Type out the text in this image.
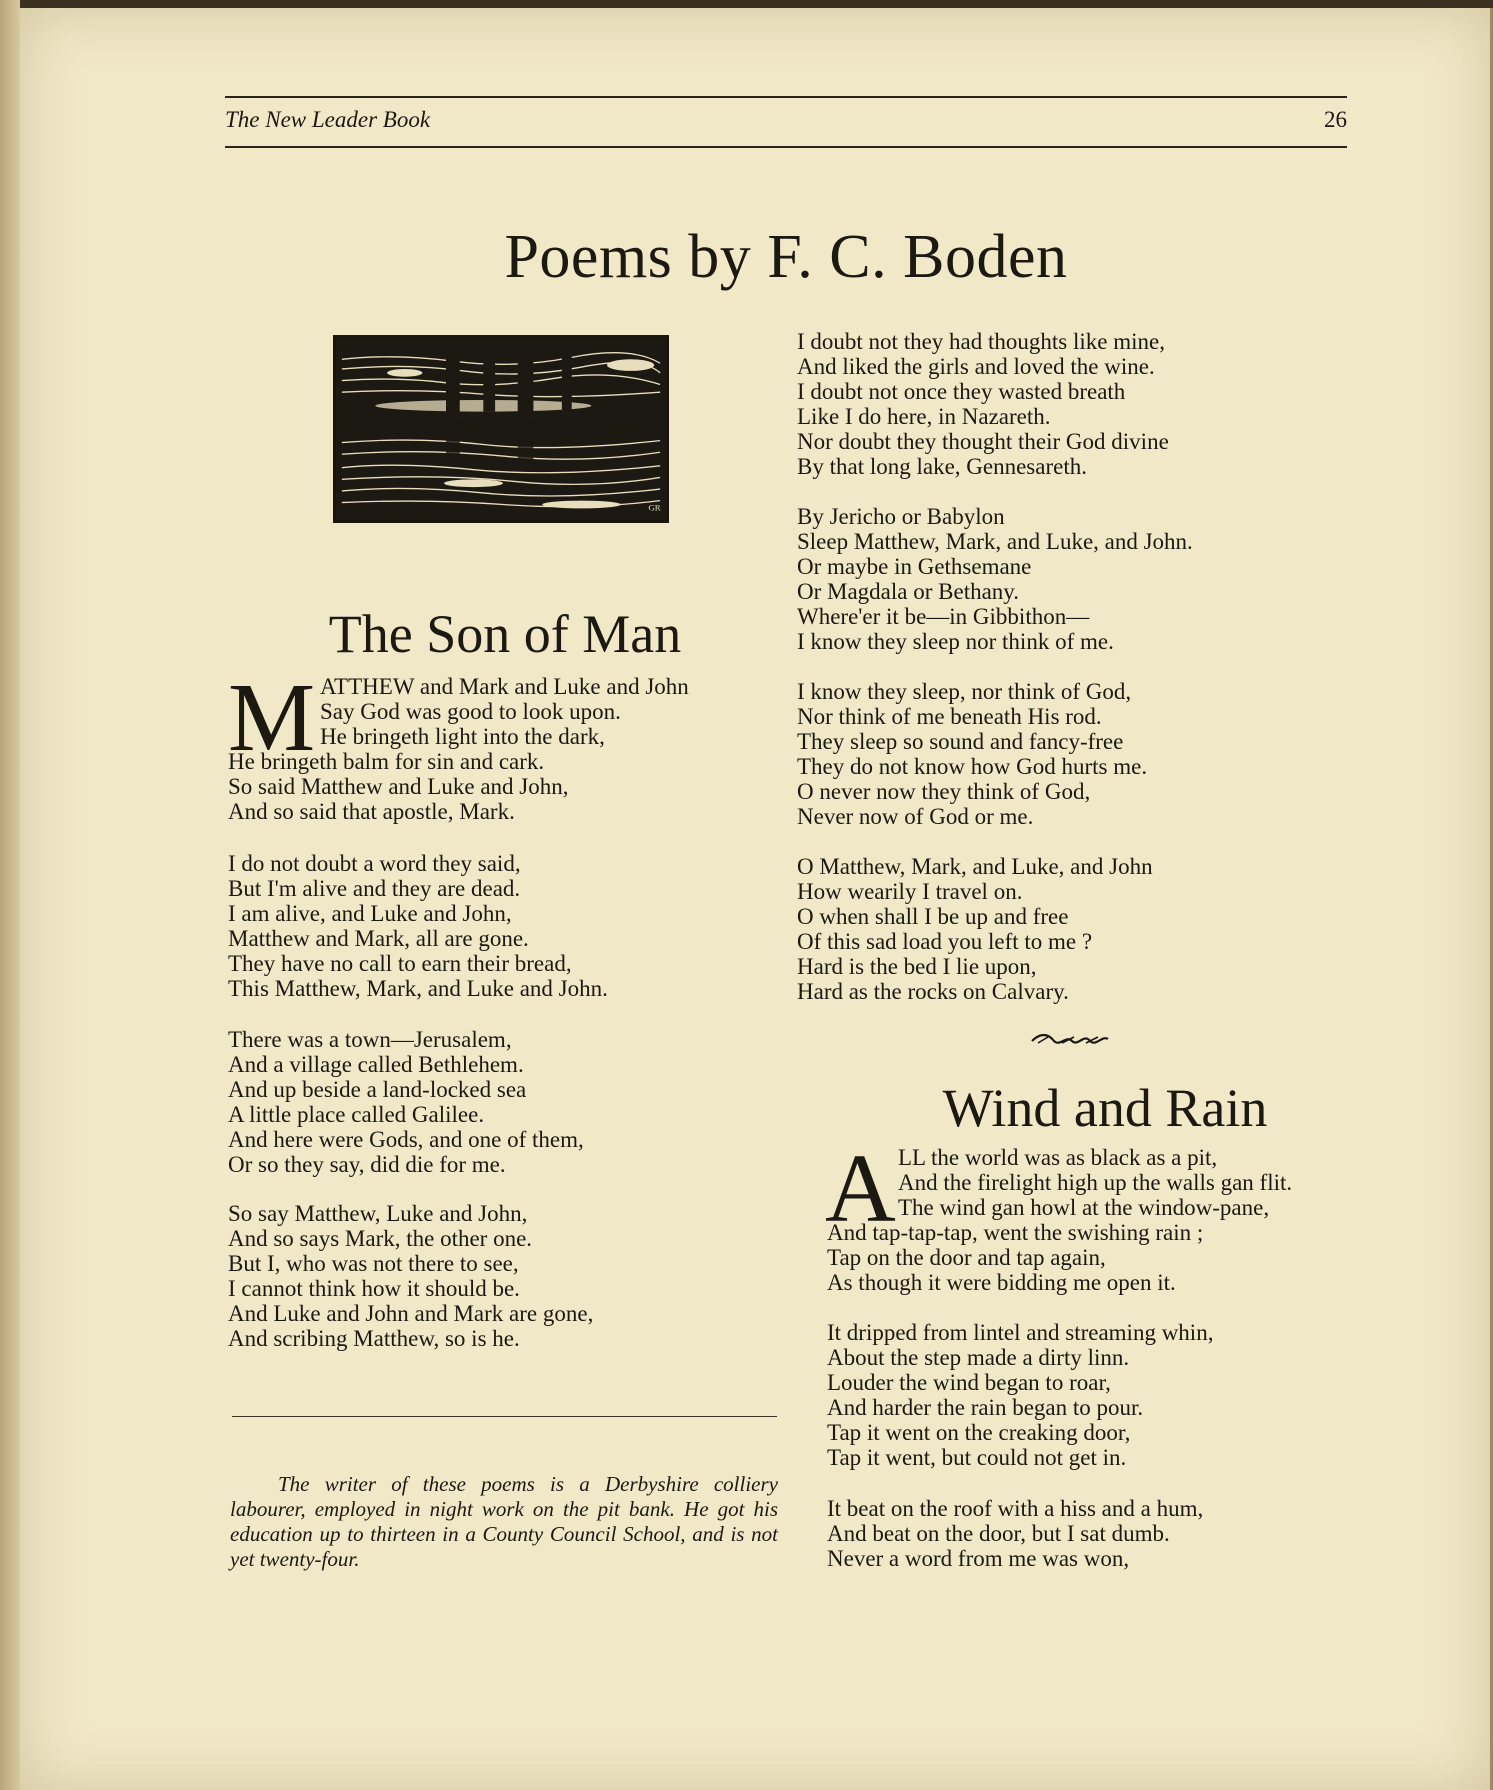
The New Leader Book	26
Poems by F. C. Boden
GR
The Son of Man
M ATTHEW and Mark and Luke and John

Say God was good to look upon.

He bringeth light into the dark,

He bringeth balm for sin and cark.
So said Matthew and Luke and John,
And so said that apostle, Mark.

I do not doubt a word they said,
But I'm alive and they are dead.
I am alive, and Luke and John,
Matthew and Mark, all are gone.
They have no call to earn their bread,
This Matthew, Mark, and Luke and John.

There was a town—Jerusalem,
And a village called Bethlehem.
And up beside a land-locked sea
A little place called Galilee.
And here were Gods, and one of them,
Or so they say, did die for me.

So say Matthew, Luke and John,
And so says Mark, the other one.
But I, who was not there to see,
I cannot think how it should be.
And Luke and John and Mark are gone,
And scribing Matthew, so is he.

The writer of these poems is a Derbyshire colliery labourer, employed in night work on the pit bank. He got his education up to thirteen in a County Council School, and is not yet twenty-four.

I doubt not they had thoughts like mine,
And liked the girls and loved the wine.
I doubt not once they wasted breath
Like I do here, in Nazareth.
Nor doubt they thought their God divine
By that long lake, Gennesareth.

By Jericho or Babylon
Sleep Matthew, Mark, and Luke, and John.
Or maybe in Gethsemane
Or Magdala or Bethany.
Where'er it be—in Gibbithon—
I know they sleep nor think of me.

I know they sleep, nor think of God,
Nor think of me beneath His rod.
They sleep so sound and fancy-free
They do not know how God hurts me.
O never now they think of God,
Never now of God or me.

O Matthew, Mark, and Luke, and John
How wearily I travel on.
O when shall I be up and free
Of this sad load you left to me ?
Hard is the bed I lie upon,
Hard as the rocks on Calvary.

Wind and Rain
A LL the world was as black as a pit,

And the firelight high up the walls gan flit.

The wind gan howl at the window-pane,

And tap-tap-tap, went the swishing rain ;
Tap on the door and tap again,
As though it were bidding me open it.

It dripped from lintel and streaming whin,
About the step made a dirty linn.
Louder the wind began to roar,
And harder the rain began to pour.
Tap it went on the creaking door,
Tap it went, but could not get in.

It beat on the roof with a hiss and a hum,
And beat on the door, but I sat dumb.
Never a word from me was won,
